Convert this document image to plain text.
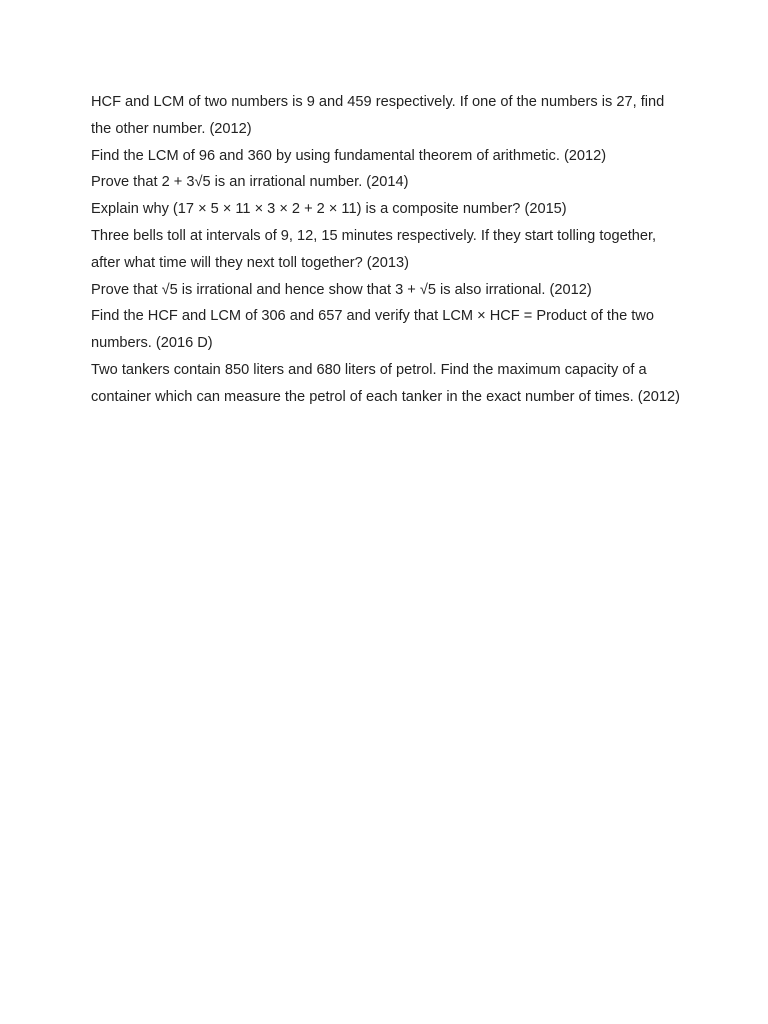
HCF and LCM of two numbers is 9 and 459 respectively. If one of the numbers is 27, find the other number. (2012)

Find the LCM of 96 and 360 by using fundamental theorem of arithmetic. (2012)

Prove that 2 + 3√5 is an irrational number. (2014)

Explain why (17 × 5 × 11 × 3 × 2 + 2 × 11) is a composite number? (2015)

Three bells toll at intervals of 9, 12, 15 minutes respectively. If they start tolling together, after what time will they next toll together? (2013)

Prove that √5 is irrational and hence show that 3 + √5 is also irrational. (2012)

Find the HCF and LCM of 306 and 657 and verify that LCM × HCF = Product of the two numbers. (2016 D)

Two tankers contain 850 liters and 680 liters of petrol. Find the maximum capacity of a container which can measure the petrol of each tanker in the exact number of times. (2012)
